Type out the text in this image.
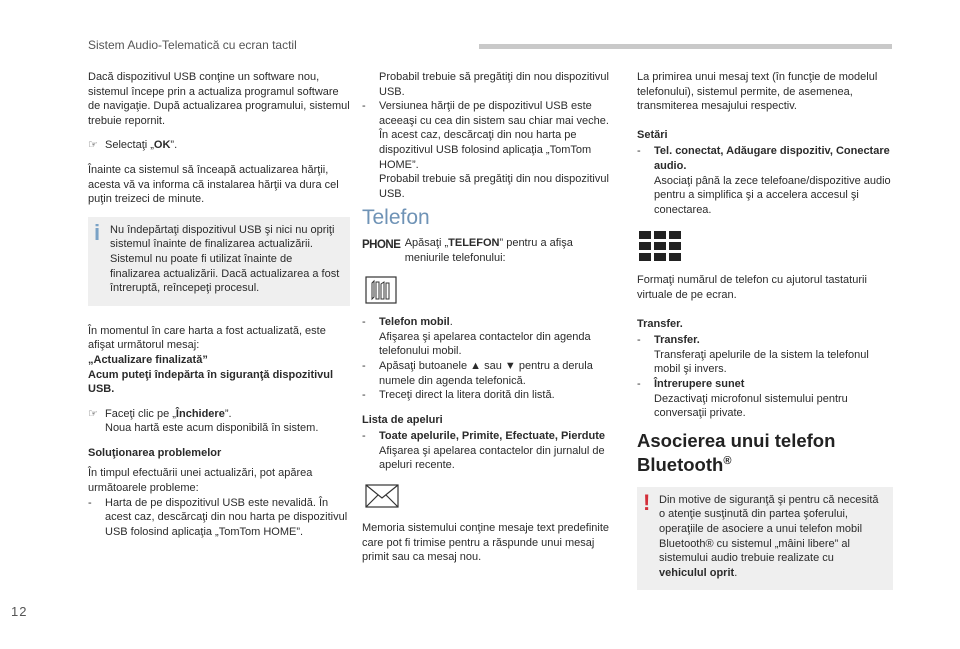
Sistem Audio-Telematică cu ecran tactil

Dacă dispozitivul USB conţine un software nou, sistemul începe prin a actualiza programul software de navigaţie. După actualizarea programului, sistemul trebuie repornit.

☞ Selectaţi „OK”.

Înainte ca sistemul să înceapă actualizarea hărţii, acesta vă va informa că instalarea hărţii va dura cel puţin treizeci de minute.

i Nu îndepărtaţi dispozitivul USB şi nici nu opriţi sistemul înainte de finalizarea actualizării. Sistemul nu poate fi utilizat înainte de finalizarea actualizării. Dacă actualizarea a fost întreruptă, reîncepeţi procesul.

În momentul în care harta a fost actualizată, este afişat următorul mesaj:
„Actualizare finalizată”
Acum puteţi îndepărta în siguranţă dispozitivul USB.

☞ Faceţi clic pe „Închidere”.
Noua hartă este acum disponibilă în sistem.

Soluţionarea problemelor

În timpul efectuării unei actualizări, pot apărea următoarele probleme:

- Harta de pe dispozitivul USB este nevalidă. În acest caz, descărcaţi din nou harta pe dispozitivul USB folosind aplicaţia „TomTom HOME”.
Probabil trebuie să pregătiţi din nou dispozitivul USB.
- Versiunea hărţii de pe dispozitivul USB este aceeaşi cu cea din sistem sau chiar mai veche. În acest caz, descărcaţi din nou harta pe dispozitivul USB folosind aplicaţia „TomTom HOME”.
Probabil trebuie să pregătiţi din nou dispozitivul USB.
Telefon
PHONE Apăsaţi „TELEFON” pentru a afişa meniurile telefonului:
- Telefon mobil.
Afişarea şi apelarea contactelor din agenda telefonului mobil.
- Apăsaţi butoanele ▲ sau ▼ pentru a derula numele din agenda telefonică.
- Treceţi direct la litera dorită din listă.
Lista de apeluri
- Toate apelurile, Primite, Efectuate, Pierdute
Afişarea şi apelarea contactelor din jurnalul de apeluri recente.

Memoria sistemului conţine mesaje text predefinite care pot fi trimise pentru a răspunde unui mesaj primit sau ca mesaj nou.

La primirea unui mesaj text (în funcţie de modelul telefonului), sistemul permite, de asemenea, transmiterea mesajului respectiv.

Setări
- Tel. conectat, Adăugare dispozitiv, Conectare audio.
Asociaţi până la zece telefoane/dispozitive audio pentru a simplifica şi a accelera accesul şi conectarea.

Formaţi numărul de telefon cu ajutorul tastaturii virtuale de pe ecran.

Transfer.
- Transfer.
Transferaţi apelurile de la sistem la telefonul mobil şi invers.
- Întrerupere sunet
Dezactivaţi microfonul sistemului pentru conversaţii private.
Asocierea unui telefon Bluetooth®
! Din motive de siguranţă şi pentru că necesită o atenţie susţinută din partea şoferului, operaţiile de asociere a unui telefon mobil Bluetooth® cu sistemul „mâini libere” al sistemului audio trebuie realizate cu vehiculul oprit.
12
